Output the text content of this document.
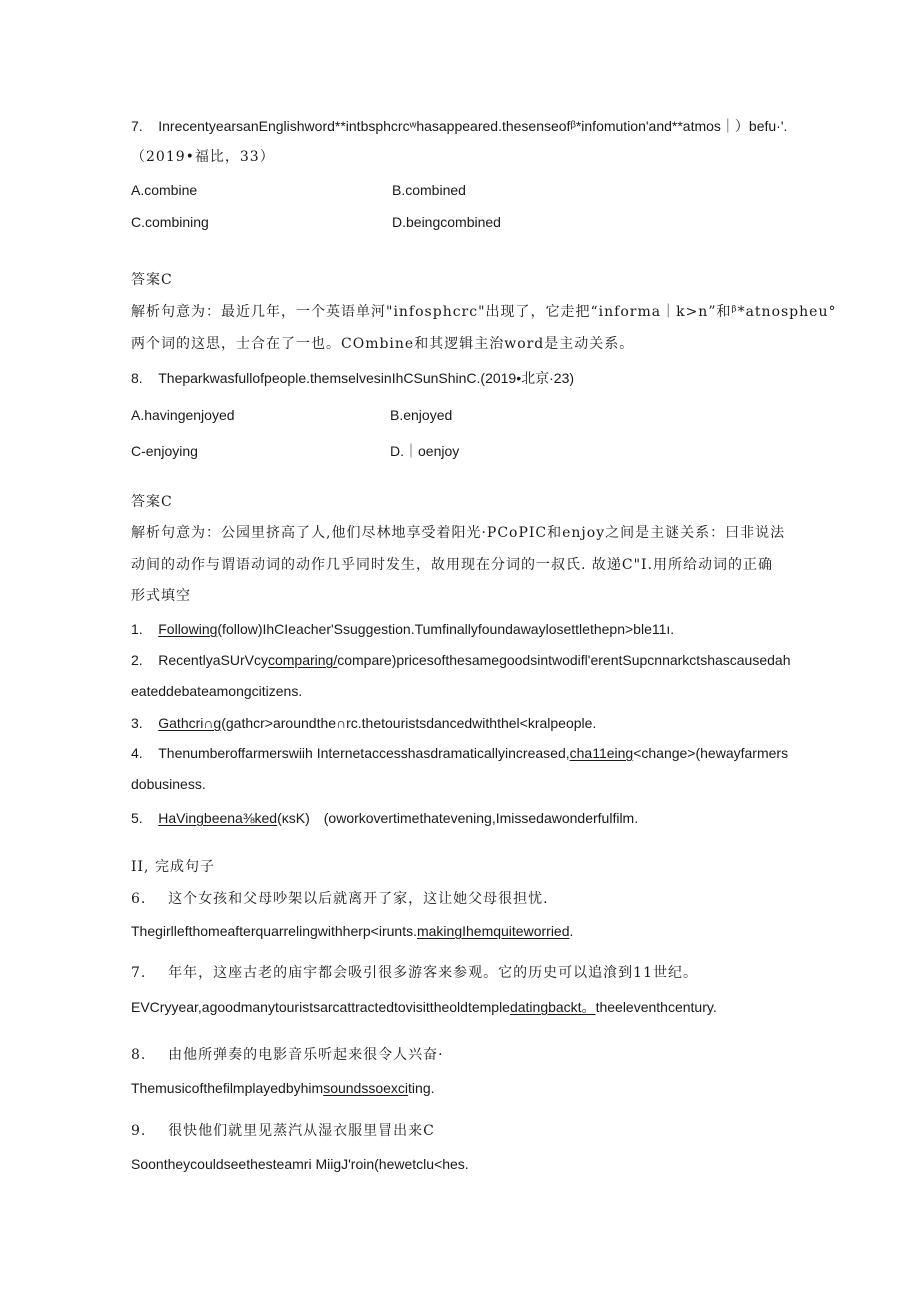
7.    InrecentyearsanEnglishword**intbsphcrcʷhasappeared.thesenseofᵝ*infomution'and**atmos｜）befu·'.
（2019•福比，33）
A.combine	B.combined
C.combining	D.beingcombined
答案C
解析句意为：最近几年，一个英语单河"infosphcrc"出现了，它走把“informa｜k>n”和ᵝ*atnospheu°
两个词的这思，士合在了一也。COmbine和其逻辑主治word是主动关系。
8.    Theparkwasfullofpeople.themselvesinIhCSunShinC.(2019•北京·23)
A.havingenjoyed	B.enjoyed
C-enjoying	D.｜oenjoy
答案C
解析句意为：公园里挤高了人,他们尽林地享受着阳光·PCoPIC和enjoy之间是主谜关系：曰非说法
动间的动作与谓语动词的动作几乎同时发生，故用现在分词的一叔氏. 故递C"I.用所给动词的正确
形式填空
1. Following(follow)IhCIeacher'Ssuggestion.Tumfinallyfoundawaylosettlethepn>ble11ı.
2. RecentlyaSUrVcycomparing/compare)pricesofthesamegoodsintwodifl'erentSupcnnarkctshascausedah
eateddebateamongcitizens.
3. Gathcri∩g(gathcr>aroundthe∩rc.thetouristsdancedwiththel<kralpeople.
4. Thenumberoffarmerswiih Internetaccesshasdramaticallyincreased,cha11eing<change>(hewayfarmers
dobusiness.
5. HaVingbeena⅜ked(κsK) (oworkovertimethatevening,Imissedawonderfulfilm.
II, 完成句子
6.    这个女孩和父母吵架以后就离开了家，这让她父母很担忧.
Thegirllefthomeafterquarrelingwithherp<irunts.makingIhemquiteworried.
7.    年年，这座古老的庙宇都会吸引很多游客来参观。它的历史可以追湌到11世纪。
EVCryyear,agoodmanytouristsarcattractedtovisittheoldtempledatingbackt。theeleventhcentury.
8.    由他所弹奏的电影音乐听起来很令人兴奋·
Themusicofthefilmplayedbyhimsoundssoexciting.
9.    很快他们就里见蒸汽从湿衣服里冒出来C
Soontheycouldseethesteamri MiigJ'roin(hewetclu<hes.
